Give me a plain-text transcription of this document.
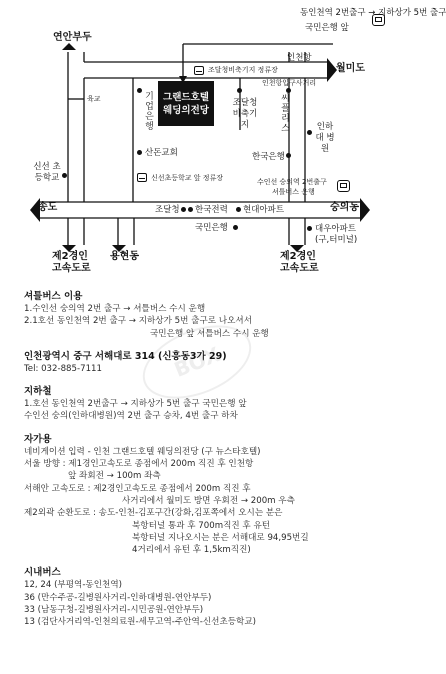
동인천역 2번출구 → 지하상가 5번 출구
국민은행 앞
연안부두
인천항
월미도
조달청비축기지 정류장
인천항입구사거리
육교	기업은행
그랜드호텔
웨딩의전당
조달청 비축기지
씨플리스	인하대 병원
산돈교회	한국은행
신선 초등학교	신선초등학교 앞 정류장	수인선 승의역 2번출구
셔틀버스 운행
송도	조달청 한국전력 현대아파트	숭의동
국민은행	대우아파트
(구,터미널)
제2경인
고속도로
용현동	제2경인
고속도로
BOX
셔틀버스 이용
1.수인선 숭의역 2번 출구 → 셔틀버스 수시 운행
2.1호선 동인천역 2번 출구 → 지하상가 5번 출구로 나오셔서
국민은행 앞 셔틀버스 수시 운행
인천광역시 중구 서해대로 314 (신흥동3가 29)
Tel: 032-885-7111
지하철
1.호선 동인천역 2번출구 → 지하상가 5번 출구 국민은행 앞
수인선 숭의(인하대병원)역 2번 출구 승차, 4번 출구 하차
자가용
네비게이션 입력 - 인천 그랜드호텔 웨딩의전당 (구 뉴스타호텔)
서울 방향 : 제1경인고속도로 종점에서 200m 직진 후 인천항
앞 좌회전 → 100m 좌측
서해안 고속도로 : 제2경인고속도로 종점에서 200m 직진 후
사거리에서 월미도 방면 우회전 → 200m 우측
제2외곽 순환도로 : 송도-인천-김포구간(강화,김포쪽에서 오시는 분은
북항터널 통과 후 700m직진 후 유턴
북항터널 지나오시는 분은 서해대로 94,95번길
4거리에서 유턴 후 1,5km직진)
시내버스
12, 24 (부평역-동인천역)
36 (만수주공-길병원사거리-인하대병원-연안부두)
33 (남동구청-길병원사거리-시민공원-연안부두)
13 (검단사거리역-인천의료원-세무고역-주안역-신선초등학교)
